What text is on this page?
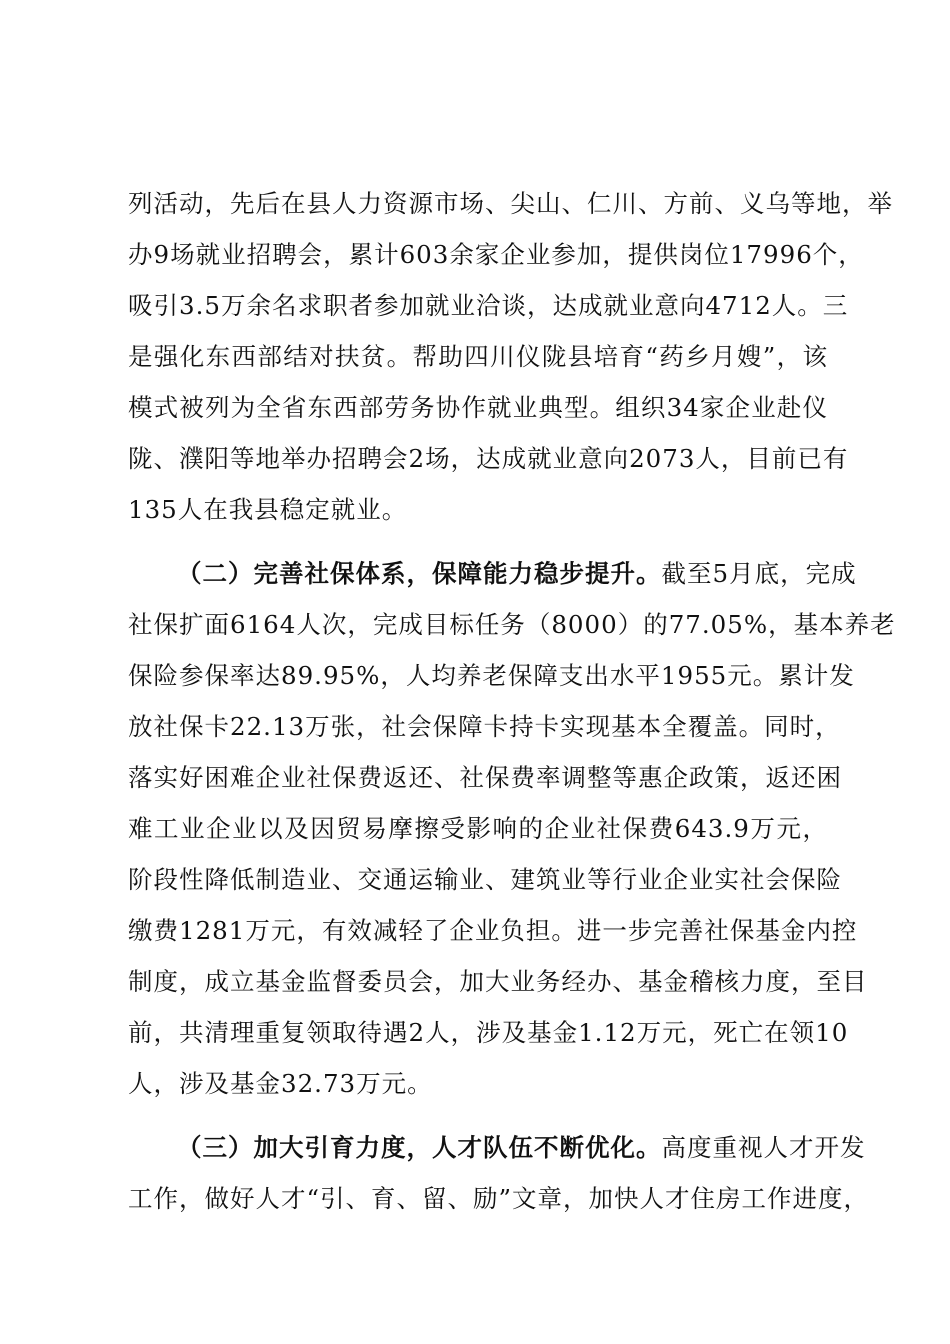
列活动，先后在县人力资源市场、尖山、仁川、方前、义乌等地，举
办9场就业招聘会，累计603余家企业参加，提供岗位17996个，
吸引3.5万余名求职者参加就业洽谈，达成就业意向4712人。三
是强化东西部结对扶贫。帮助四川仪陇县培育“药乡月嫂”，该
模式被列为全省东西部劳务协作就业典型。组织34家企业赴仪
陇、濮阳等地举办招聘会2场，达成就业意向2073人，目前已有
135人在我县稳定就业。
（二）完善社保体系，保障能力稳步提升。截至5月底，完成
社保扩面6164人次，完成目标任务（8000）的77.05%，基本养老
保险参保率达89.95%，人均养老保障支出水平1955元。累计发
放社保卡22.13万张，社会保障卡持卡实现基本全覆盖。同时，
落实好困难企业社保费返还、社保费率调整等惠企政策，返还困
难工业企业以及因贸易摩擦受影响的企业社保费643.9万元，
阶段性降低制造业、交通运输业、建筑业等行业企业实社会保险
缴费1281万元，有效减轻了企业负担。进一步完善社保基金内控
制度，成立基金监督委员会，加大业务经办、基金稽核力度，至目
前，共清理重复领取待遇2人，涉及基金1.12万元，死亡在领10
人，涉及基金32.73万元。
（三）加大引育力度，人才队伍不断优化。高度重视人才开发
工作，做好人才“引、育、留、励”文章，加快人才住房工作进度，
